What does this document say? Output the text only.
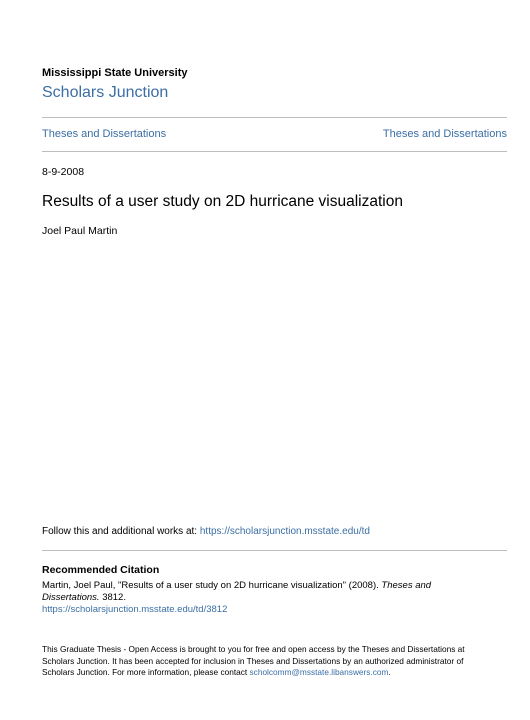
Mississippi State University
Scholars Junction
Theses and Dissertations	Theses and Dissertations
8-9-2008
Results of a user study on 2D hurricane visualization
Joel Paul Martin
Follow this and additional works at: https://scholarsjunction.msstate.edu/td
Recommended Citation
Martin, Joel Paul, "Results of a user study on 2D hurricane visualization" (2008). Theses and
Dissertations. 3812.
https://scholarsjunction.msstate.edu/td/3812
This Graduate Thesis - Open Access is brought to you for free and open access by the Theses and Dissertations at
Scholars Junction. It has been accepted for inclusion in Theses and Dissertations by an authorized administrator of
Scholars Junction. For more information, please contact scholcomm@msstate.libanswers.com.
